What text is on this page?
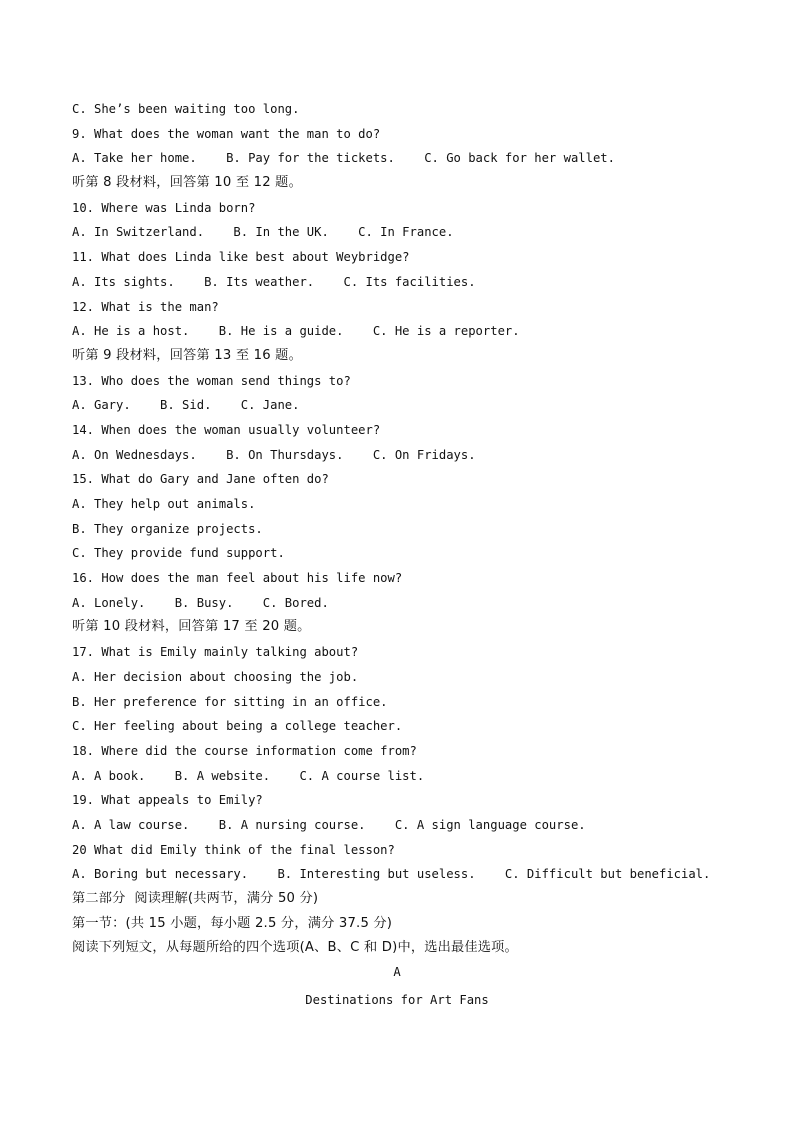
C. She’s been waiting too long.
9. What does the woman want the man to do?
A. Take her home.    B. Pay for the tickets.    C. Go back for her wallet.
听第 8 段材料，回答第 10 至 12 题。
10. Where was Linda born?
A. In Switzerland.    B. In the UK.    C. In France.
11. What does Linda like best about Weybridge?
A. Its sights.    B. Its weather.    C. Its facilities.
12. What is the man?
A. He is a host.    B. He is a guide.    C. He is a reporter.
听第 9 段材料，回答第 13 至 16 题。
13. Who does the woman send things to?
A. Gary.    B. Sid.    C. Jane.
14. When does the woman usually volunteer?
A. On Wednesdays.    B. On Thursdays.    C. On Fridays.
15. What do Gary and Jane often do?
A. They help out animals.
B. They organize projects.
C. They provide fund support.
16. How does the man feel about his life now?
A. Lonely.    B. Busy.    C. Bored.
听第 10 段材料，回答第 17 至 20 题。
17. What is Emily mainly talking about?
A. Her decision about choosing the job.
B. Her preference for sitting in an office.
C. Her feeling about being a college teacher.
18. Where did the course information come from?
A. A book.    B. A website.    C. A course list.
19. What appeals to Emily?
A. A law course.    B. A nursing course.    C. A sign language course.
20 What did Emily think of the final lesson?
A. Boring but necessary.    B. Interesting but useless.    C. Difficult but beneficial.
第二部分  阅读理解(共两节，满分 50 分)
第一节：(共 15 小题，每小题 2.5 分，满分 37.5 分)
阅读下列短文，从每题所给的四个选项(A、B、C 和 D)中，选出最佳选项。
A
Destinations for Art Fans
